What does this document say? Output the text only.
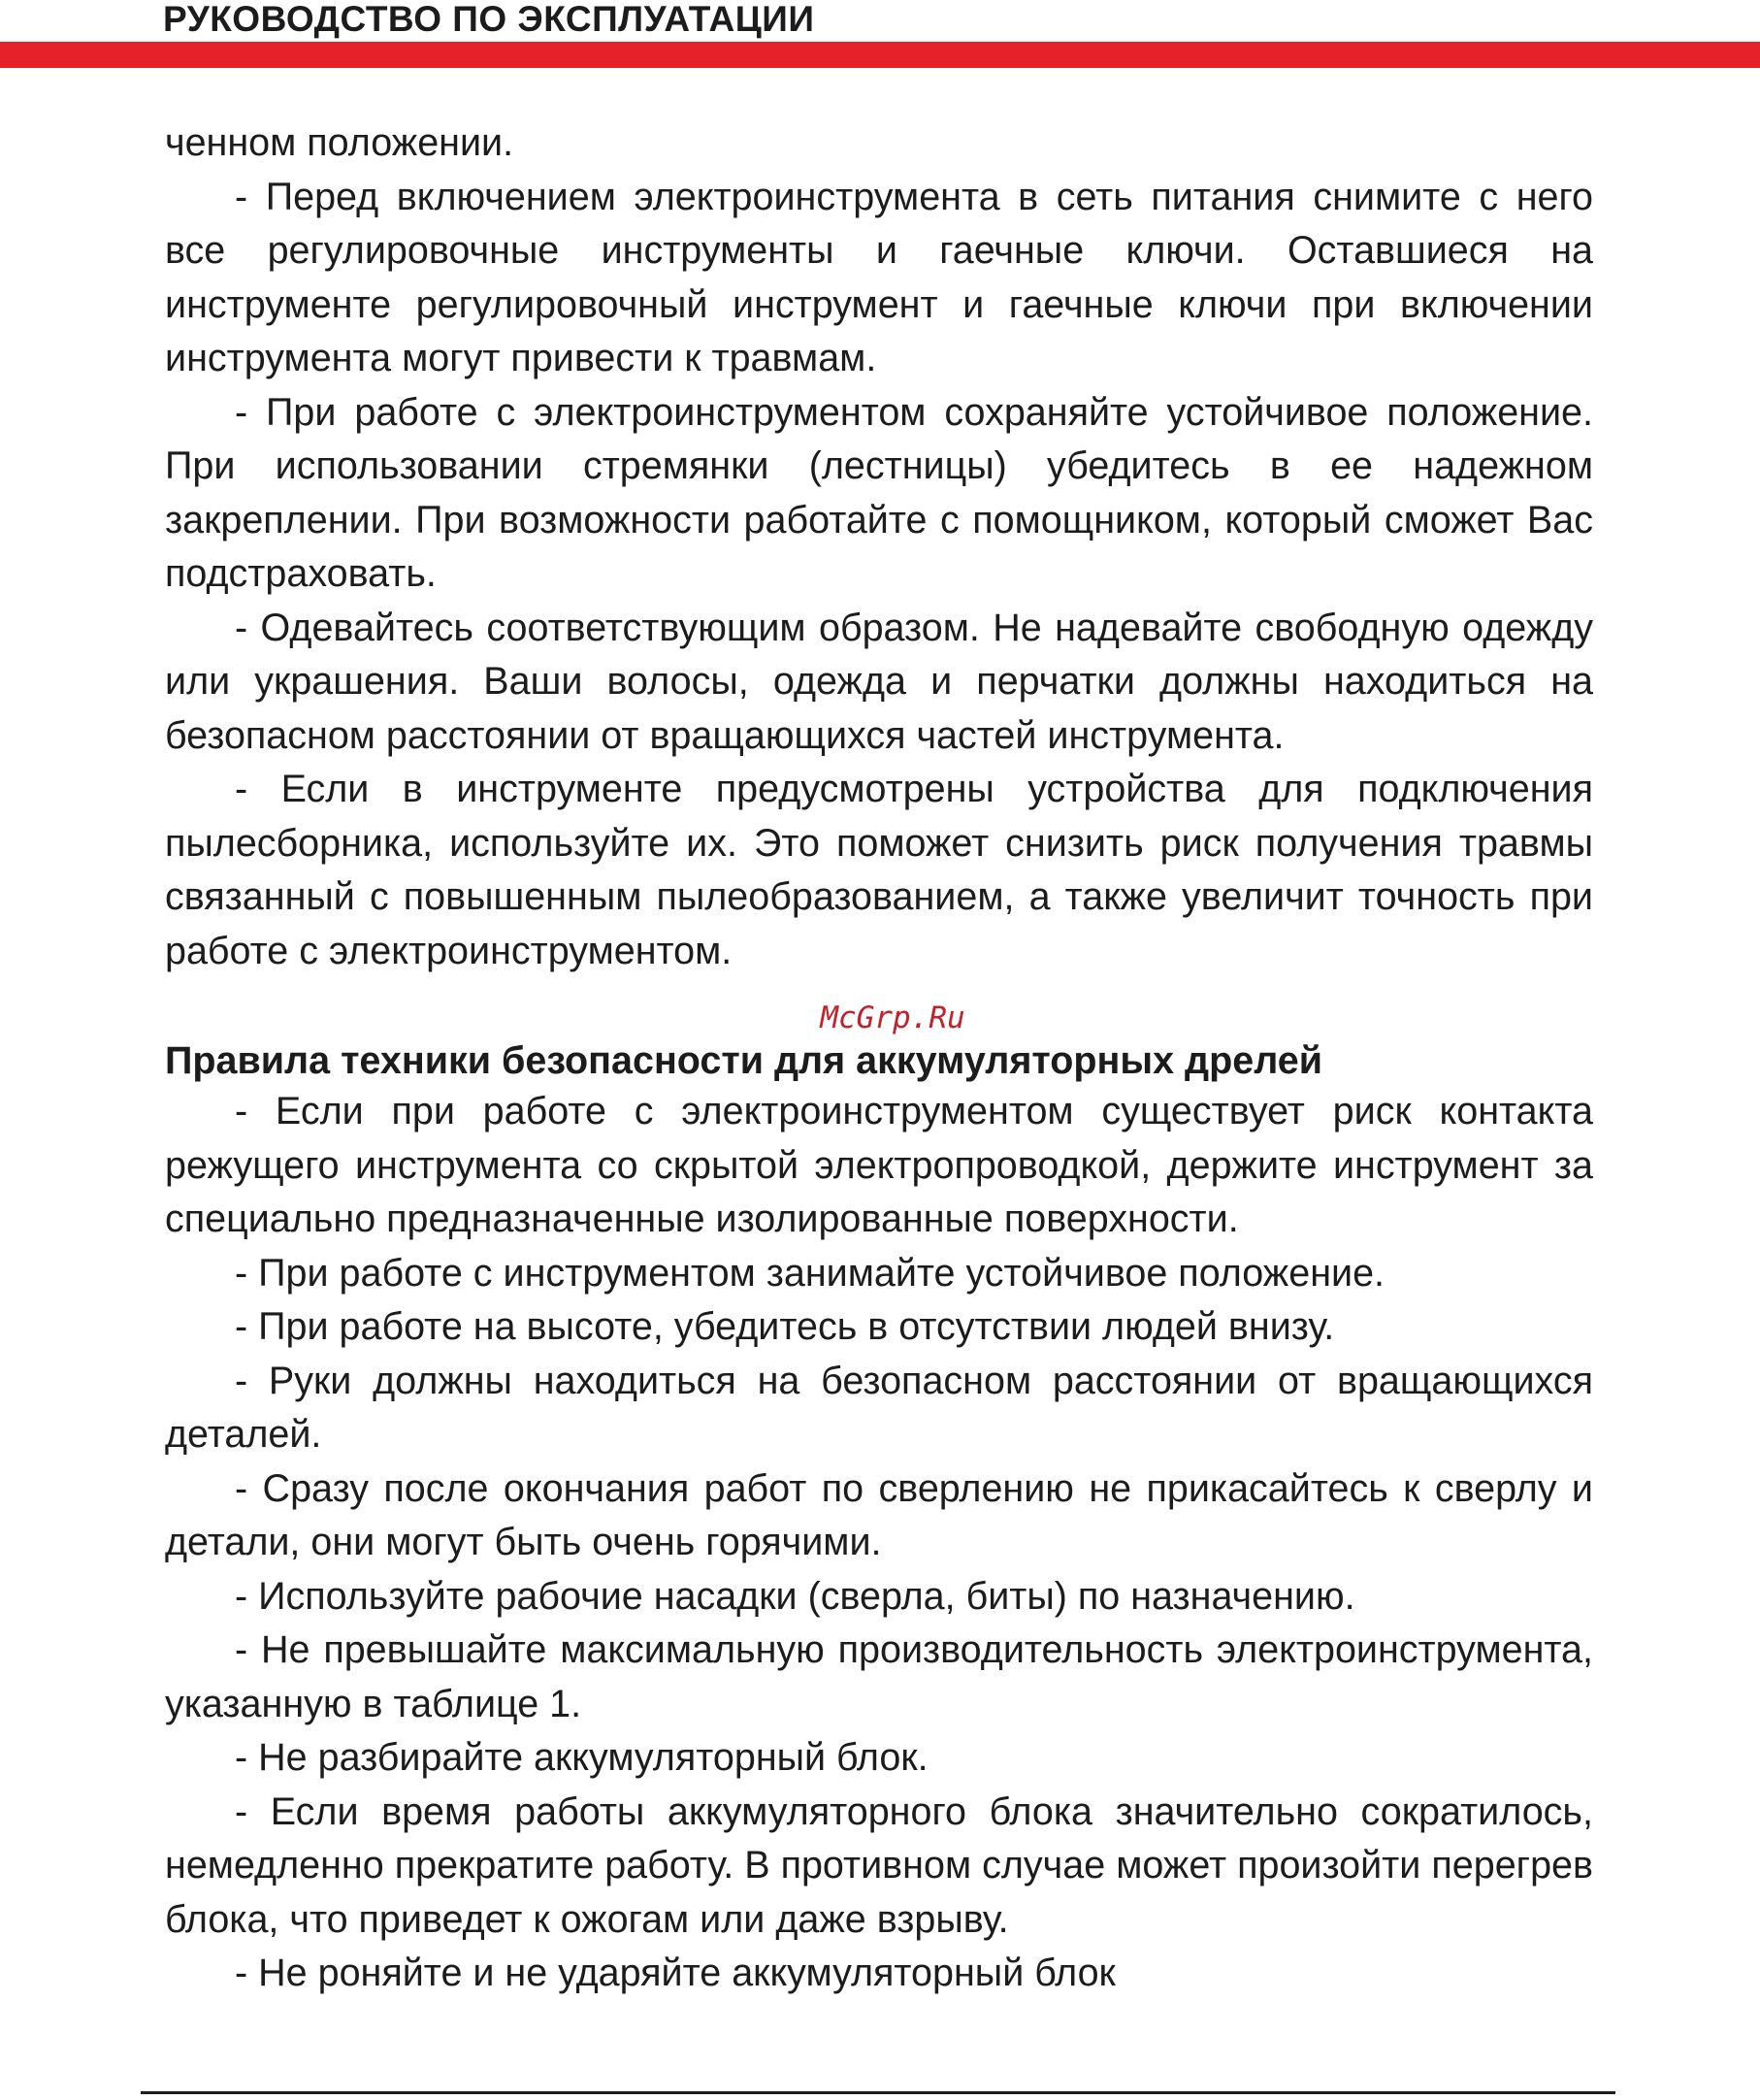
РУКОВОДСТВО ПО ЭКСПЛУАТАЦИИ

ченном положении.

- Перед включением электроинструмента в сеть питания снимите с него все регулировочные инструменты и гаечные ключи. Оставшиеся на инструменте регулировочный инструмент и гаечные ключи при включении инструмента могут привести к травмам.

- При работе с электроинструментом сохраняйте устойчивое положение. При использовании стремянки (лестницы) убедитесь в ее надежном закреплении. При возможности работайте с помощником, который сможет Вас подстраховать.

- Одевайтесь соответствующим образом. Не надевайте свободную одежду или украшения. Ваши волосы, одежда и перчатки должны находиться на безопасном расстоянии от вращающихся частей инструмента.

- Если в инструменте предусмотрены устройства для подключения пылесборника, используйте их. Это поможет снизить риск получения травмы связанный с повышенным пылеобразованием, а также увеличит точность при работе с электроинструментом.

McGrp.Ru

Правила техники безопасности для аккумуляторных дрелей

- Если при работе с электроинструментом существует риск контакта режущего инструмента со скрытой электропроводкой, держите инструмент за специально предназначенные изолированные поверхности.

- При работе с инструментом занимайте устойчивое положение.

- При работе на высоте, убедитесь в отсутствии людей внизу.

- Руки должны находиться на безопасном расстоянии от вращающихся деталей.

- Сразу после окончания работ по сверлению не прикасайтесь к сверлу и детали, они могут быть очень горячими.

- Используйте рабочие насадки (сверла, биты) по назначению.

- Не превышайте максимальную производительность электроинструмента, указанную в таблице 1.

- Не разбирайте аккумуляторный блок.

- Если время работы аккумуляторного блока значительно сократилось, немедленно прекратите работу. В противном случае может произойти перегрев блока, что приведет к ожогам или даже взрыву.

- Не роняйте и не ударяйте аккумуляторный блок
